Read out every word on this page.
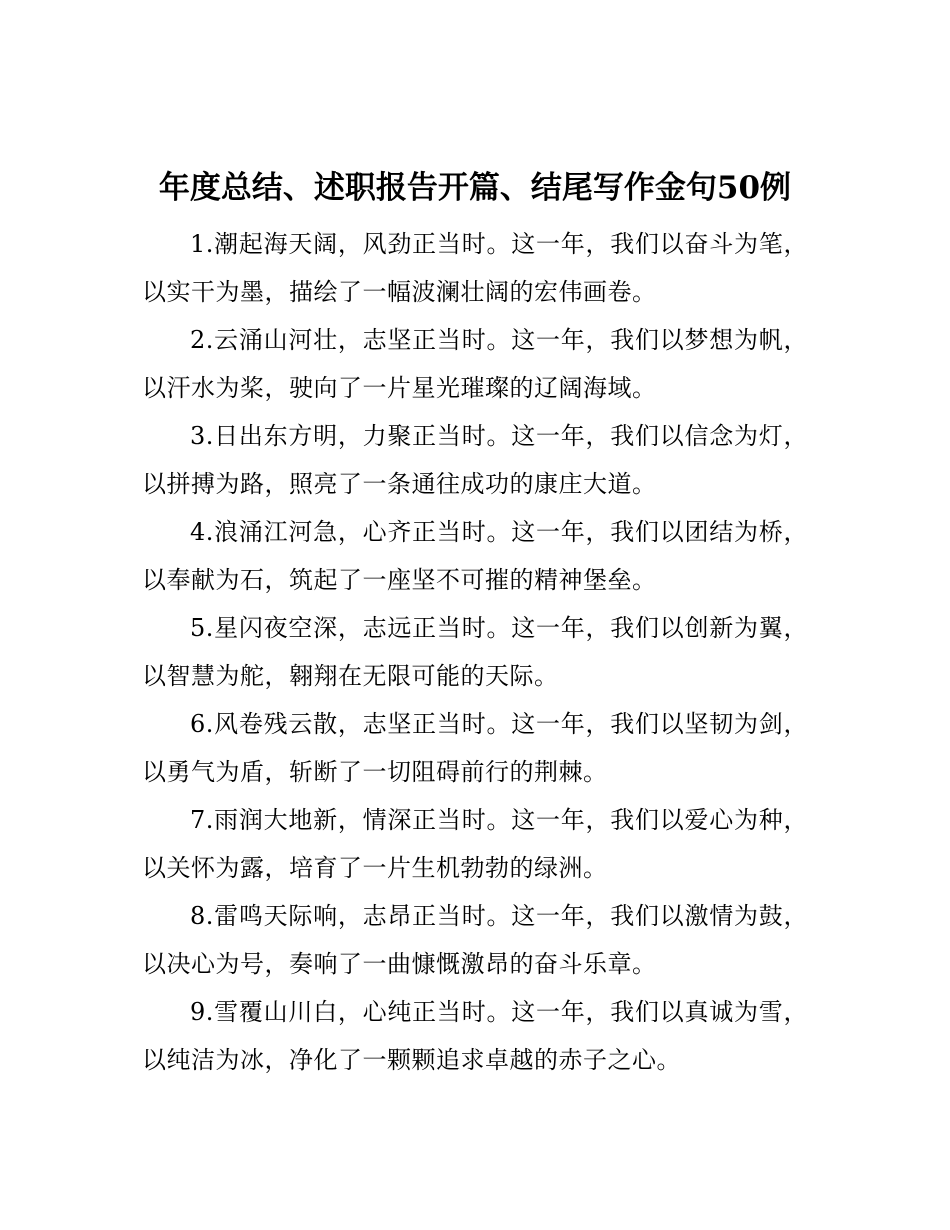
年度总结、述职报告开篇、结尾写作金句50例

1.潮起海天阔，风劲正当时。这一年，我们以奋斗为笔，以实干为墨，描绘了一幅波澜壮阔的宏伟画卷。

2.云涌山河壮，志坚正当时。这一年，我们以梦想为帆，以汗水为桨，驶向了一片星光璀璨的辽阔海域。

3.日出东方明，力聚正当时。这一年，我们以信念为灯，以拼搏为路，照亮了一条通往成功的康庄大道。

4.浪涌江河急，心齐正当时。这一年，我们以团结为桥，以奉献为石，筑起了一座坚不可摧的精神堡垒。

5.星闪夜空深，志远正当时。这一年，我们以创新为翼，以智慧为舵，翱翔在无限可能的天际。

6.风卷残云散，志坚正当时。这一年，我们以坚韧为剑，以勇气为盾，斩断了一切阻碍前行的荆棘。

7.雨润大地新，情深正当时。这一年，我们以爱心为种，以关怀为露，培育了一片生机勃勃的绿洲。

8.雷鸣天际响，志昂正当时。这一年，我们以激情为鼓，以决心为号，奏响了一曲慷慨激昂的奋斗乐章。

9.雪覆山川白，心纯正当时。这一年，我们以真诚为雪，以纯洁为冰，净化了一颗颗追求卓越的赤子之心。
